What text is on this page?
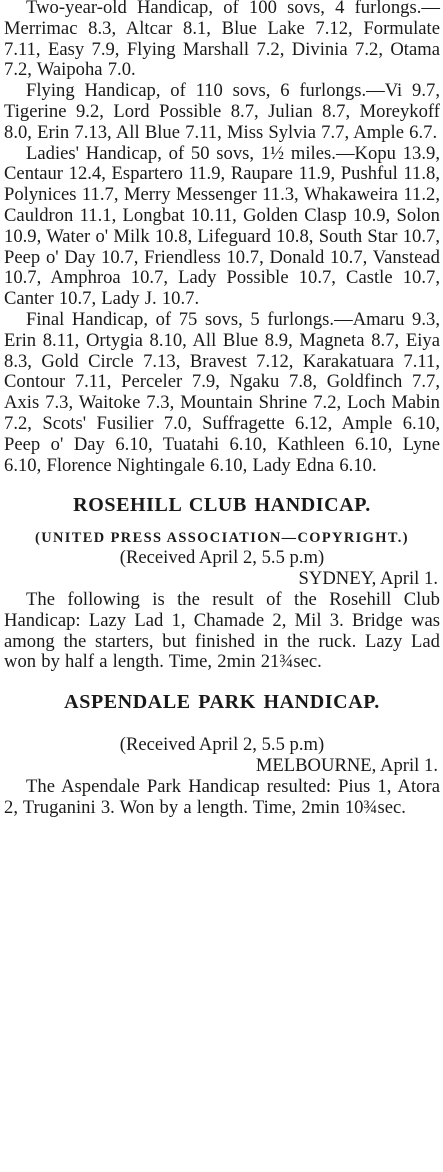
Two-year-old Handicap, of 100 sovs, 4 furlongs.—Merrimac 8.3, Altcar 8.1, Blue Lake 7.12, Formulate 7.11, Easy 7.9, Flying Marshall 7.2, Divinia 7.2, Otama 7.2, Waipoha 7.0.

Flying Handicap, of 110 sovs, 6 furlongs.—Vi 9.7, Tigerine 9.2, Lord Possible 8.7, Julian 8.7, Moreykoff 8.0, Erin 7.13, All Blue 7.11, Miss Sylvia 7.7, Ample 6.7.

Ladies' Handicap, of 50 sovs, 1½ miles.—Kopu 13.9, Centaur 12.4, Espartero 11.9, Raupare 11.9, Pushful 11.8, Polynices 11.7, Merry Messenger 11.3, Whakaweira 11.2, Cauldron 11.1, Longbat 10.11, Golden Clasp 10.9, Solon 10.9, Water o' Milk 10.8, Lifeguard 10.8, South Star 10.7, Peep o' Day 10.7, Friendless 10.7, Donald 10.7, Vanstead 10.7, Amphroa 10.7, Lady Possible 10.7, Castle 10.7, Canter 10.7, Lady J. 10.7.

Final Handicap, of 75 sovs, 5 furlongs.—Amaru 9.3, Erin 8.11, Ortygia 8.10, All Blue 8.9, Magneta 8.7, Eiya 8.3, Gold Circle 7.13, Bravest 7.12, Karakatuara 7.11, Contour 7.11, Perceler 7.9, Ngaku 7.8, Goldfinch 7.7, Axis 7.3, Waitoke 7.3, Mountain Shrine 7.2, Loch Mabin 7.2, Scots' Fusilier 7.0, Suffragette 6.12, Ample 6.10, Peep o' Day 6.10, Tuatahi 6.10, Kathleen 6.10, Lyne 6.10, Florence Nightingale 6.10, Lady Edna 6.10.

ROSEHILL CLUB HANDICAP.

(UNITED PRESS ASSOCIATION—COPYRIGHT.)

(Received April 2, 5.5 p.m)

SYDNEY, April 1.

The following is the result of the Rosehill Club Handicap: Lazy Lad 1, Chamade 2, Mil 3. Bridge was among the starters, but finished in the ruck. Lazy Lad won by half a length. Time, 2min 21¾sec.

ASPENDALE PARK HANDICAP.

(Received April 2, 5.5 p.m)

MELBOURNE, April 1.

The Aspendale Park Handicap resulted: Pius 1, Atora 2, Truganini 3. Won by a length. Time, 2min 10¾sec.
